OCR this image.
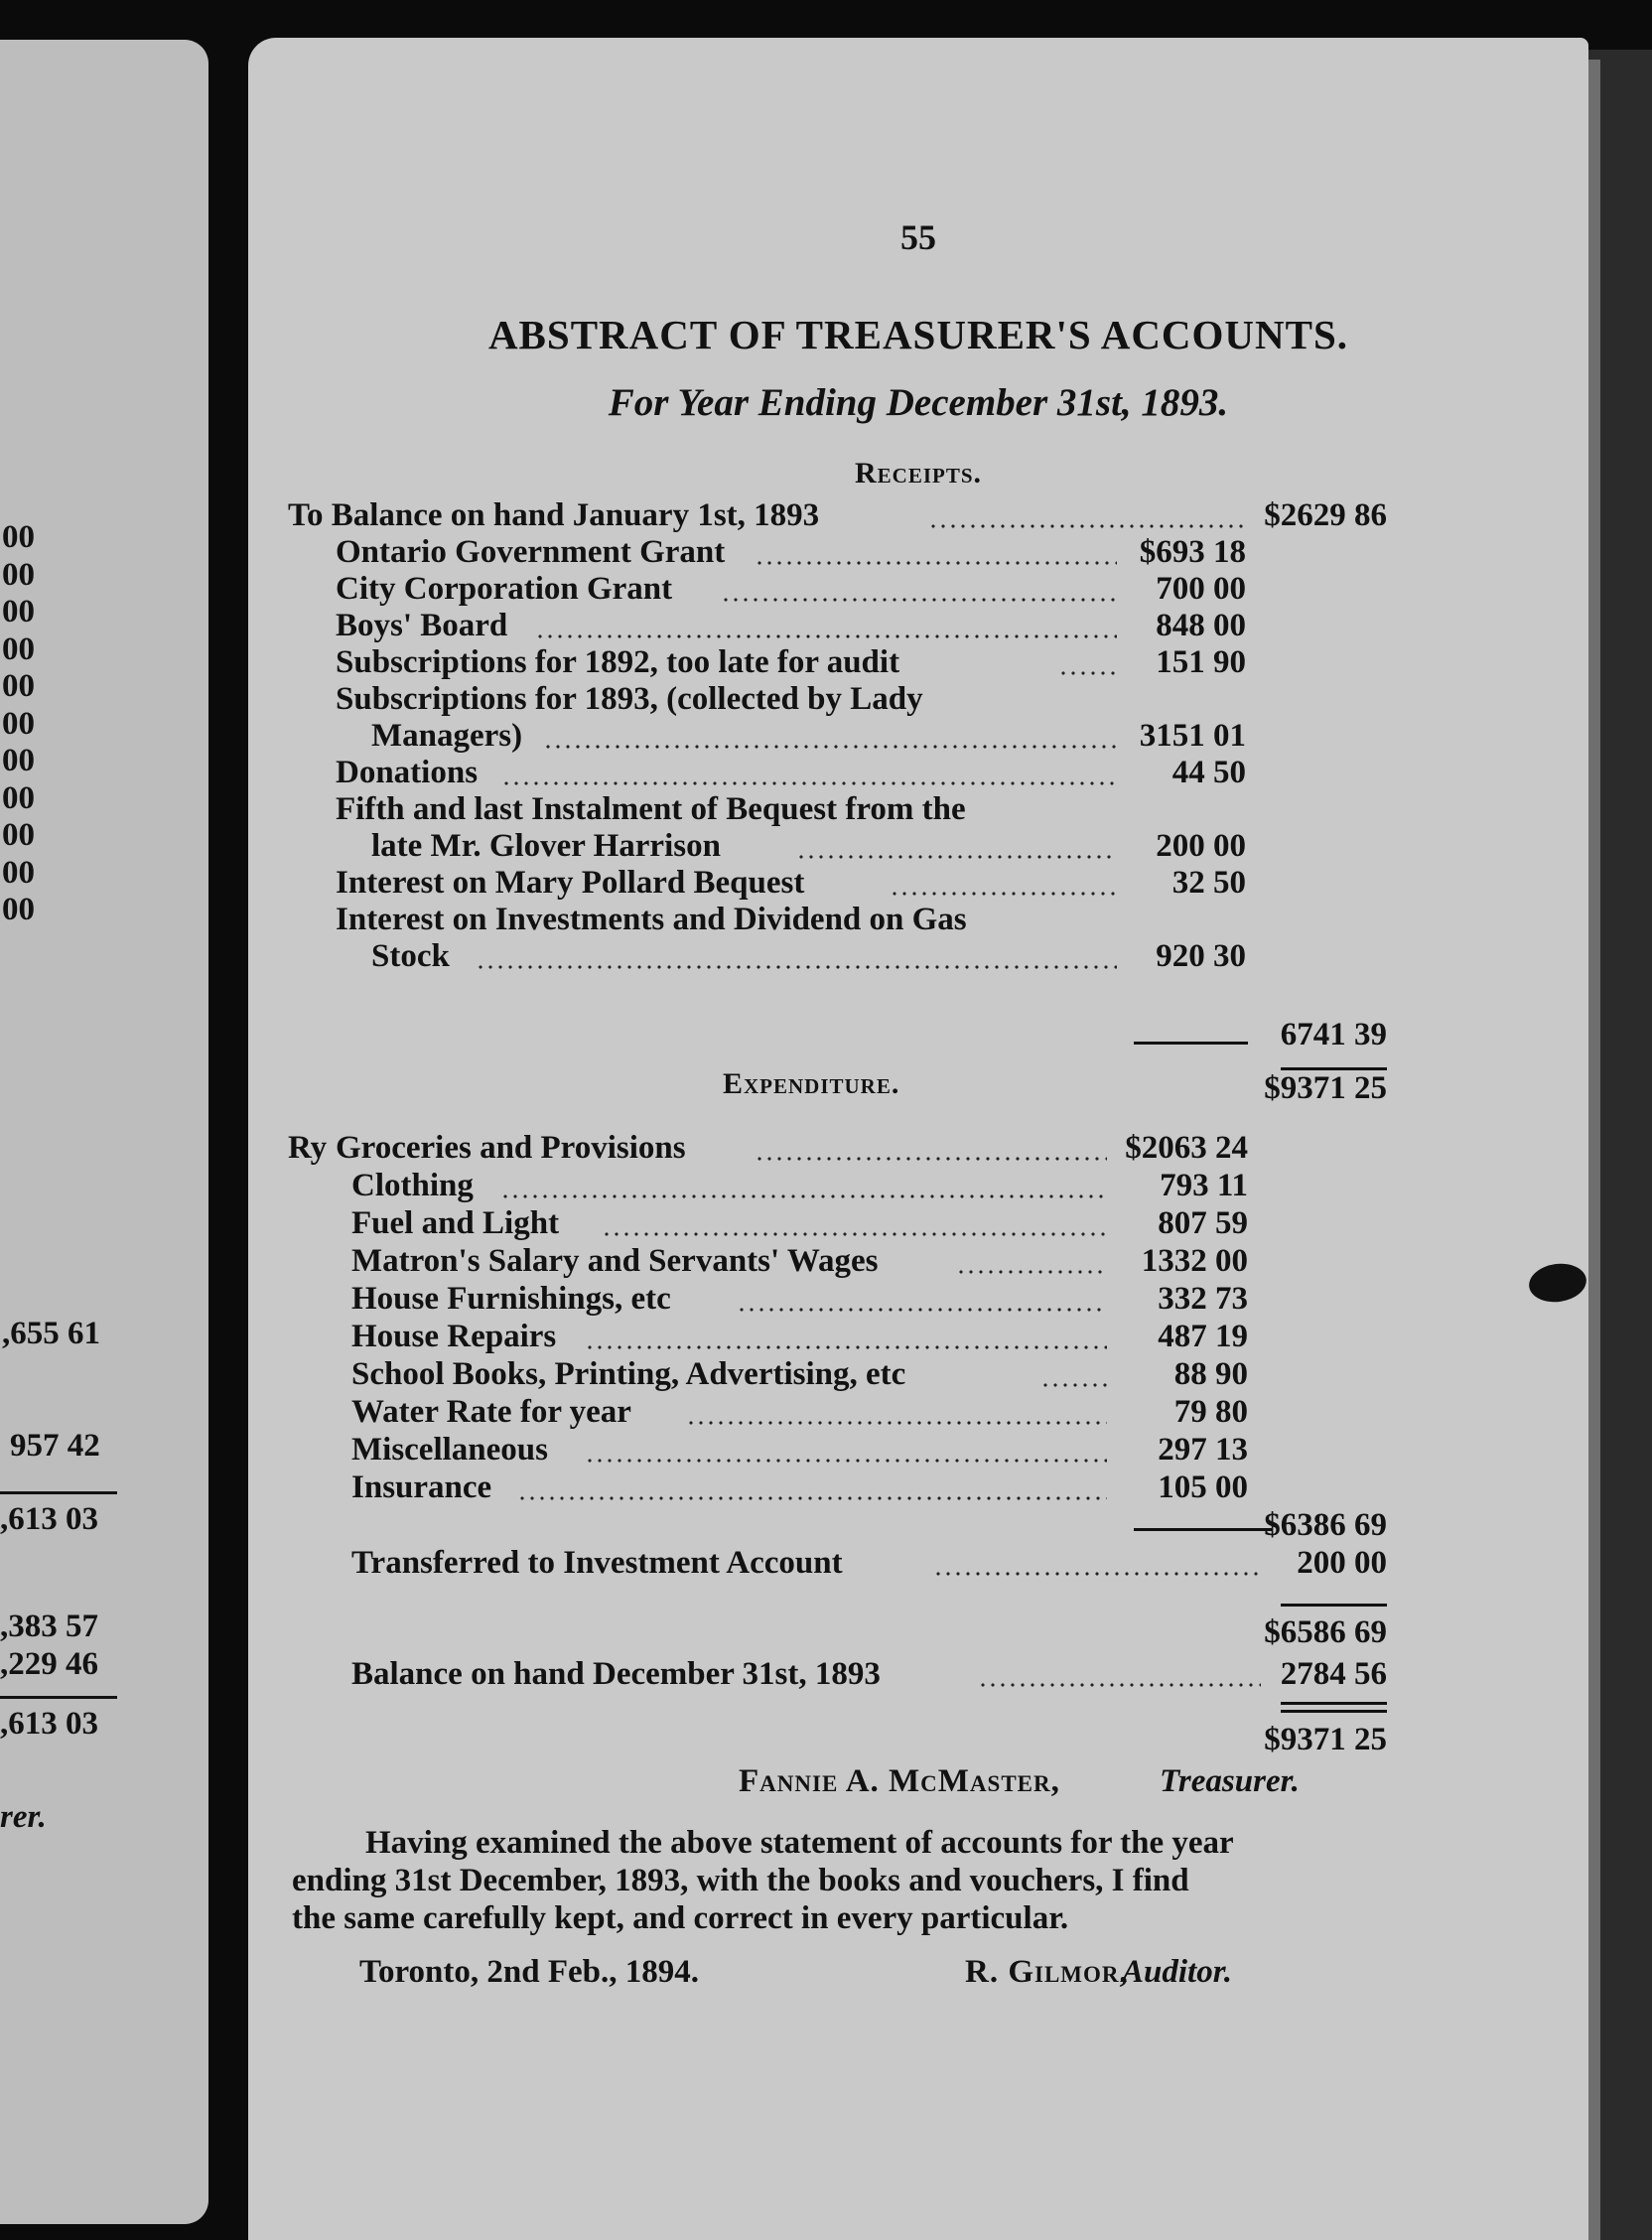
00
00
00
00
00
00
00
00
00
00
00
,655 61
957 42
,613 03
,383 57
,229 46
,613 03
rer.
55
ABSTRACT OF TREASURER'S ACCOUNTS.
For Year Ending December 31st, 1893.
Receipts.
To Balance on hand January 1st, 1893	$2629 86
Ontario Government Grant	$693 18
City Corporation Grant	700 00
Boys' Board	848 00
Subscriptions for 1892, too late for audit	151 90
Subscriptions for 1893, (collected by Lady
Managers)	3151 01
Donations	44 50
Fifth and last Instalment of Bequest from the
late Mr. Glover Harrison	200 00
Interest on Mary Pollard Bequest	32 50
Interest on Investments and Dividend on Gas
Stock	920 30
6741 39
$9371 25
Expenditure.
Ry Groceries and Provisions	$2063 24
Clothing	793 11
Fuel and Light	807 59
Matron's Salary and Servants' Wages	1332 00
House Furnishings, etc	332 73
House Repairs	487 19
School Books, Printing, Advertising, etc	88 90
Water Rate for year	79 80
Miscellaneous	297 13
Insurance	105 00
$6386 69
Transferred to Investment Account	200 00
$6586 69
Balance on hand December 31st, 1893	2784 56
$9371 25
Fannie A. McMaster,	Treasurer.
Having examined the above statement of accounts for the year
ending 31st December, 1893, with the books and vouchers, I find
the same carefully kept, and correct in every particular.
Toronto, 2nd Feb., 1894.	R. Gilmor,
Auditor.
